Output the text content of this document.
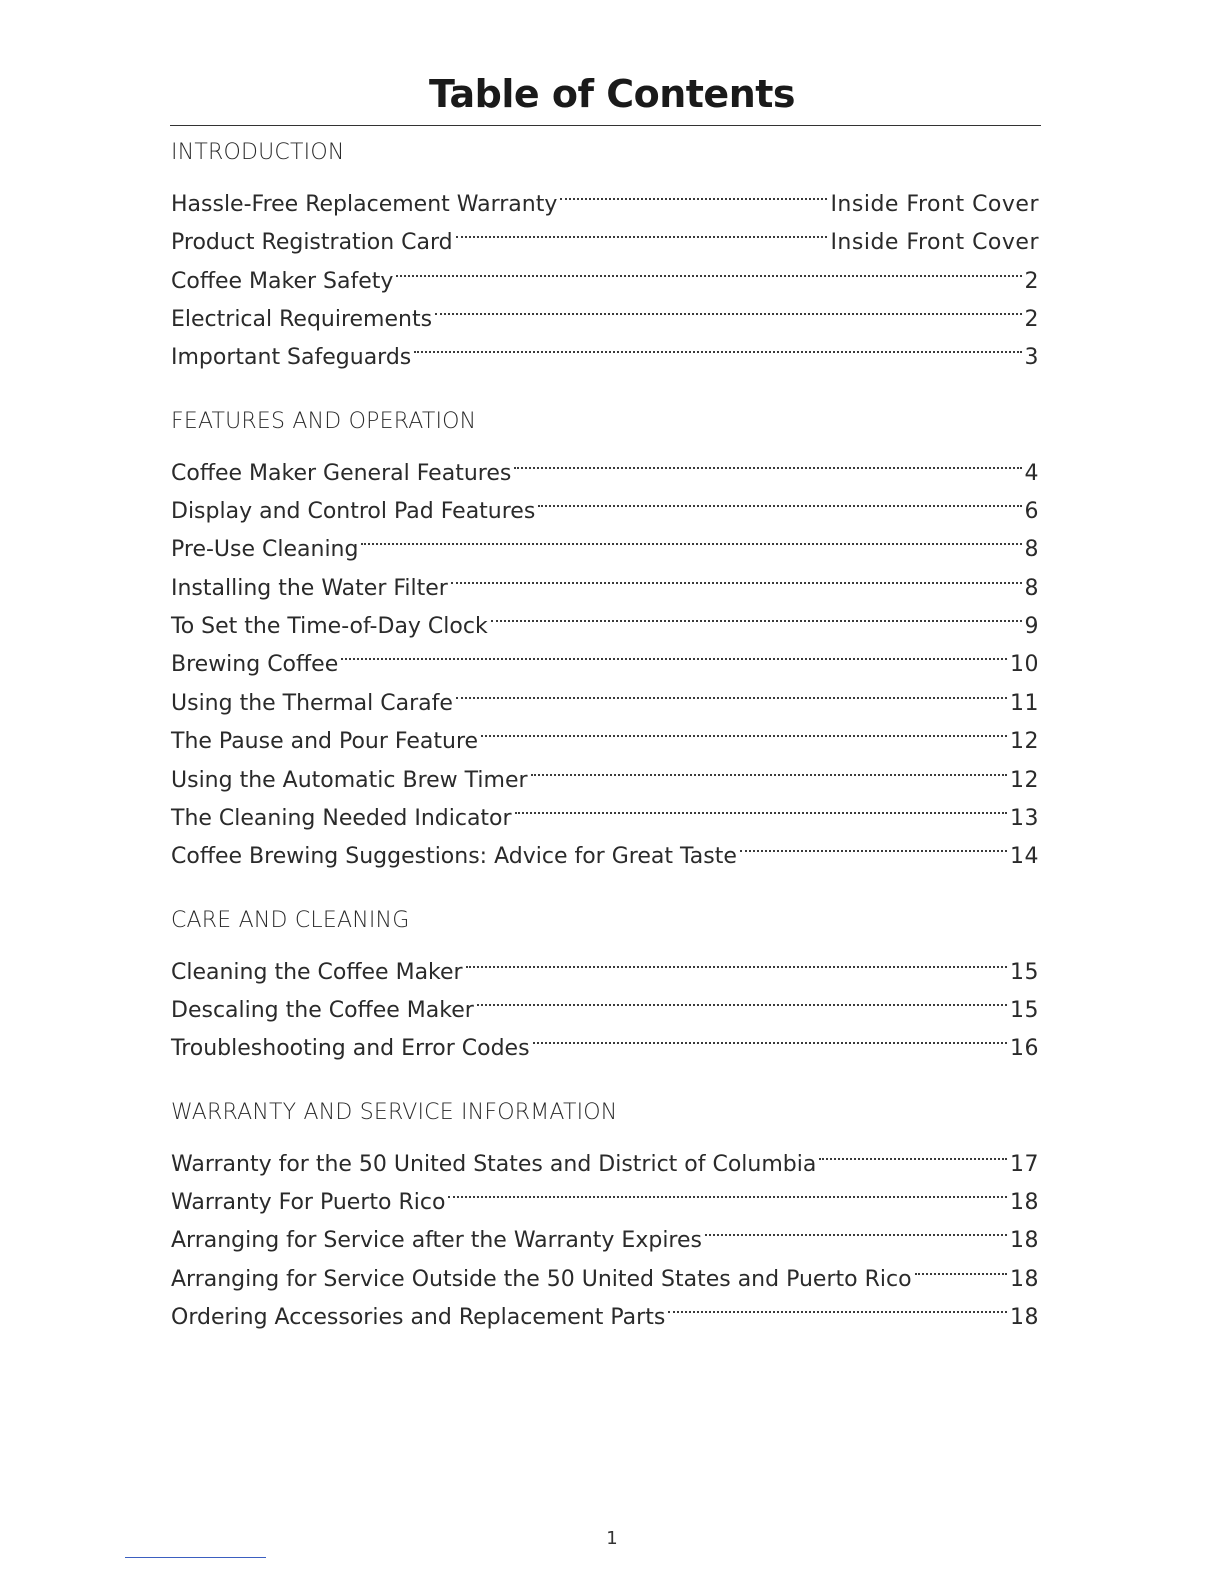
Table of Contents
INTRODUCTION
Hassle-Free Replacement Warranty	Inside Front Cover
Product Registration Card	Inside Front Cover
Coffee Maker Safety	2
Electrical Requirements	2
Important Safeguards	3
FEATURES AND OPERATION
Coffee Maker General Features	4
Display and Control Pad Features	6
Pre-Use Cleaning	8
Installing the Water Filter	8
To Set the Time-of-Day Clock	9
Brewing Coffee	10
Using the Thermal Carafe	11
The Pause and Pour Feature	12
Using the Automatic Brew Timer	12
The Cleaning Needed Indicator	13
Coffee Brewing Suggestions: Advice for Great Taste	14
CARE AND CLEANING
Cleaning the Coffee Maker	15
Descaling the Coffee Maker	15
Troubleshooting and Error Codes	16
WARRANTY AND SERVICE INFORMATION
Warranty for the 50 United States and District of Columbia	17
Warranty For Puerto Rico	18
Arranging for Service after the Warranty Expires	18
Arranging for Service Outside the 50 United States and Puerto Rico	18
Ordering Accessories and Replacement Parts	18
1
